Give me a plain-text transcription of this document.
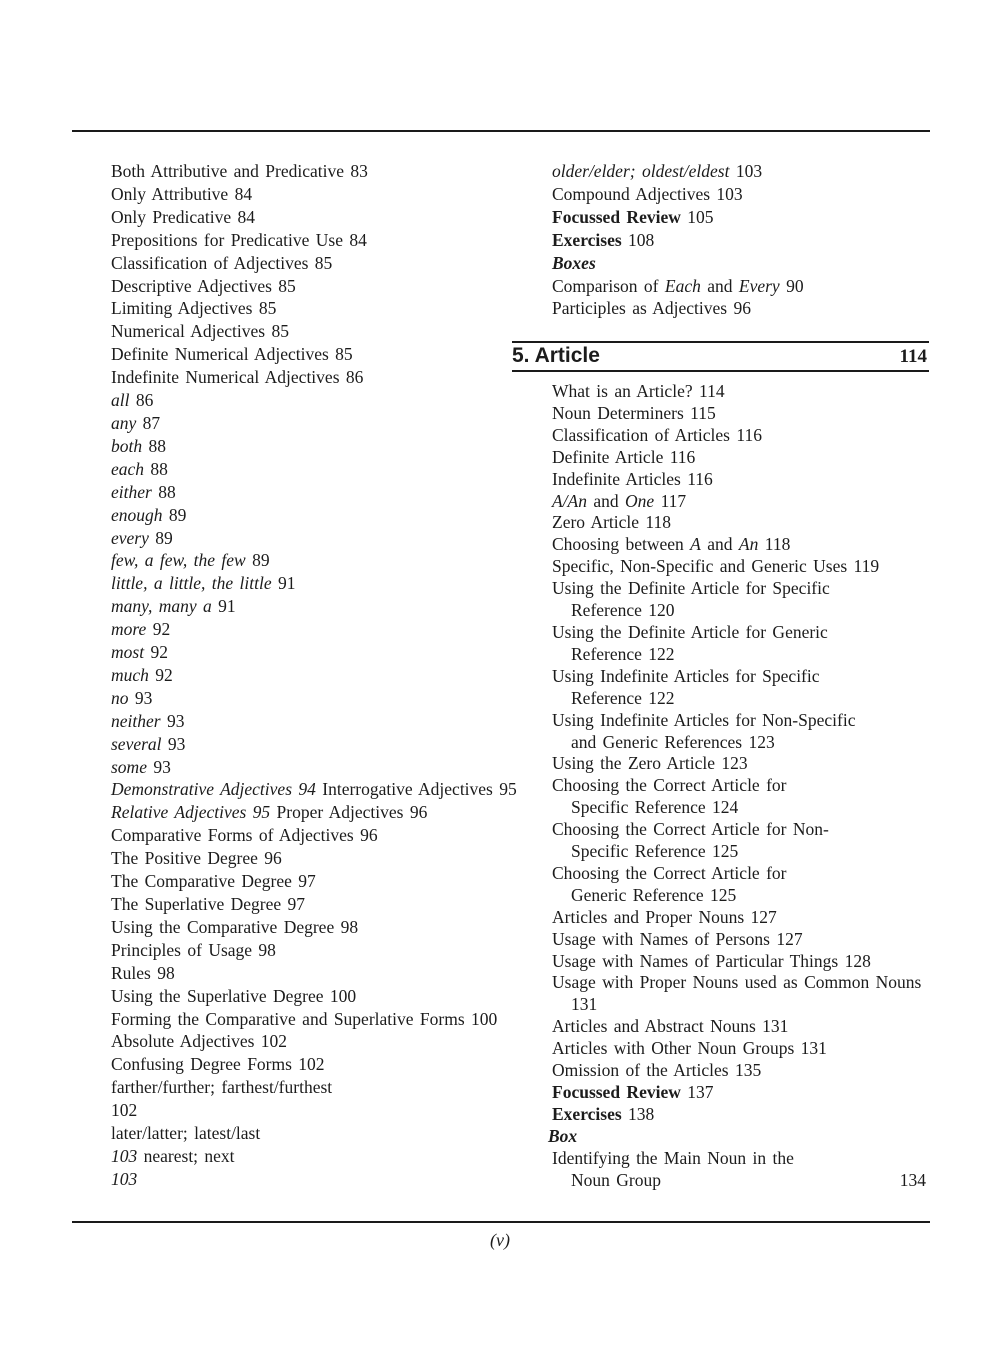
Both Attributive and Predicative 83
Only Attributive 84
Only Predicative 84
Prepositions for Predicative Use 84
Classification of Adjectives 85
Descriptive Adjectives 85
Limiting Adjectives 85
Numerical Adjectives 85
Definite Numerical Adjectives 85
Indefinite Numerical Adjectives 86
all 86
any 87
both 88
each 88
either 88
enough 89
every 89
few, a few, the few 89
little, a little, the little 91
many, many a 91
more 92
most 92
much 92
no 93
neither 93
several 93
some 93
Demonstrative Adjectives 94 Interrogative Adjectives 95
Relative Adjectives 95 Proper Adjectives 96
Comparative Forms of Adjectives 96
The Positive Degree 96
The Comparative Degree 97
The Superlative Degree 97
Using the Comparative Degree 98
Principles of Usage 98
Rules 98
Using the Superlative Degree 100
Forming the Comparative and Superlative Forms 100
Absolute Adjectives 102
Confusing Degree Forms 102
farther/further; farthest/furthest
102
later/latter; latest/last
103 nearest; next
103
older/elder; oldest/eldest 103
Compound Adjectives 103
Focussed Review 105
Exercises 108
Boxes
Comparison of Each and Every 90
Participles as Adjectives 96
5. Article	114
What is an Article? 114
Noun Determiners 115
Classification of Articles 116
Definite Article 116
Indefinite Articles 116
A/An and One 117
Zero Article 118
Choosing between A and An 118
Specific, Non-Specific and Generic Uses 119
Using the Definite Article for Specific Reference 120
Using the Definite Article for Generic Reference 122
Using Indefinite Articles for Specific Reference 122
Using Indefinite Articles for Non-Specific and Generic References 123
Using the Zero Article 123
Choosing the Correct Article for Specific Reference 124
Choosing the Correct Article for Non-Specific Reference 125
Choosing the Correct Article for Generic Reference 125
Articles and Proper Nouns 127
Usage with Names of Persons 127
Usage with Names of Particular Things 128
Usage with Proper Nouns used as Common Nouns 131
Articles and Abstract Nouns 131
Articles with Other Noun Groups 131
Omission of the Articles 135
Focussed Review 137
Exercises 138
Box
Identifying the Main Noun in the Noun Group	134
(v)
